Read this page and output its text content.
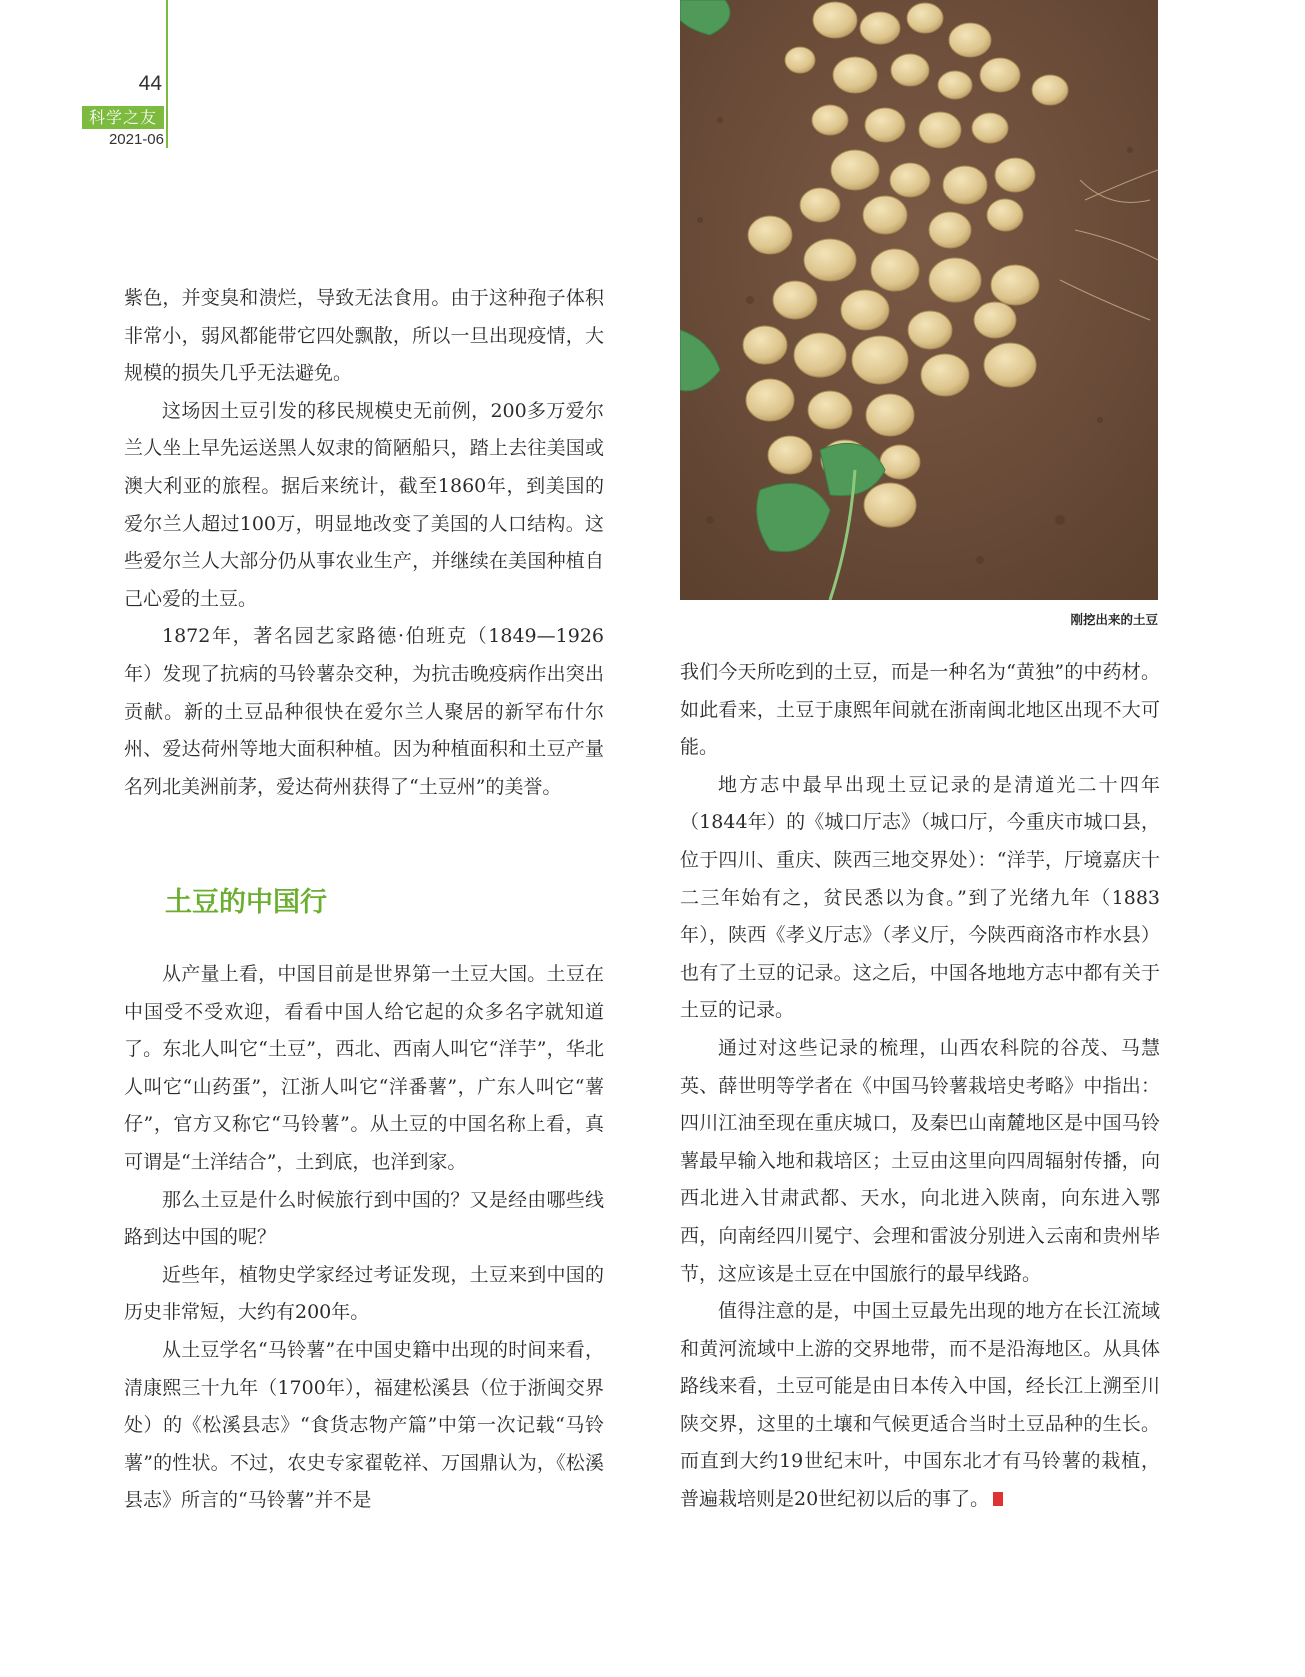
44
科学之友
2021-06
刚挖出来的土豆

紫色，并变臭和溃烂，导致无法食用。由于这种孢子体积非常小，弱风都能带它四处飘散，所以一旦出现疫情，大规模的损失几乎无法避免。

这场因土豆引发的移民规模史无前例，200多万爱尔兰人坐上早先运送黑人奴隶的简陋船只，踏上去往美国或澳大利亚的旅程。据后来统计，截至1860年，到美国的爱尔兰人超过100万，明显地改变了美国的人口结构。这些爱尔兰人大部分仍从事农业生产，并继续在美国种植自己心爱的土豆。

1872年，著名园艺家路德·伯班克（1849—1926年）发现了抗病的马铃薯杂交种，为抗击晚疫病作出突出贡献。新的土豆品种很快在爱尔兰人聚居的新罕布什尔州、爱达荷州等地大面积种植。因为种植面积和土豆产量名列北美洲前茅，爱达荷州获得了“土豆州”的美誉。

土豆的中国行

从产量上看，中国目前是世界第一土豆大国。土豆在中国受不受欢迎，看看中国人给它起的众多名字就知道了。东北人叫它“土豆”，西北、西南人叫它“洋芋”，华北人叫它“山药蛋”，江浙人叫它“洋番薯”，广东人叫它“薯仔”，官方又称它“马铃薯”。从土豆的中国名称上看，真可谓是“土洋结合”，土到底，也洋到家。

那么土豆是什么时候旅行到中国的？又是经由哪些线路到达中国的呢？

近些年，植物史学家经过考证发现，土豆来到中国的历史非常短，大约有200年。

从土豆学名“马铃薯”在中国史籍中出现的时间来看，清康熙三十九年（1700年），福建松溪县（位于浙闽交界处）的《松溪县志》“食货志物产篇”中第一次记载“马铃薯”的性状。不过，农史专家翟乾祥、万国鼎认为，《松溪县志》所言的“马铃薯”并不是

我们今天所吃到的土豆，而是一种名为“黄独”的中药材。如此看来，土豆于康熙年间就在浙南闽北地区出现不大可能。

地方志中最早出现土豆记录的是清道光二十四年（1844年）的《城口厅志》（城口厅，今重庆市城口县，位于四川、重庆、陕西三地交界处）：“洋芋，厅境嘉庆十二三年始有之，贫民悉以为食。”到了光绪九年（1883年），陕西《孝义厅志》（孝义厅，今陕西商洛市柞水县）也有了土豆的记录。这之后，中国各地地方志中都有关于土豆的记录。

通过对这些记录的梳理，山西农科院的谷茂、马慧英、薛世明等学者在《中国马铃薯栽培史考略》中指出：四川江油至现在重庆城口，及秦巴山南麓地区是中国马铃薯最早输入地和栽培区；土豆由这里向四周辐射传播，向西北进入甘肃武都、天水，向北进入陕南，向东进入鄂西，向南经四川冕宁、会理和雷波分别进入云南和贵州毕节，这应该是土豆在中国旅行的最早线路。

值得注意的是，中国土豆最先出现的地方在长江流域和黄河流域中上游的交界地带，而不是沿海地区。从具体路线来看，土豆可能是由日本传入中国，经长江上溯至川陕交界，这里的土壤和气候更适合当时土豆品种的生长。而直到大约19世纪末叶，中国东北才有马铃薯的栽植，普遍栽培则是20世纪初以后的事了。
